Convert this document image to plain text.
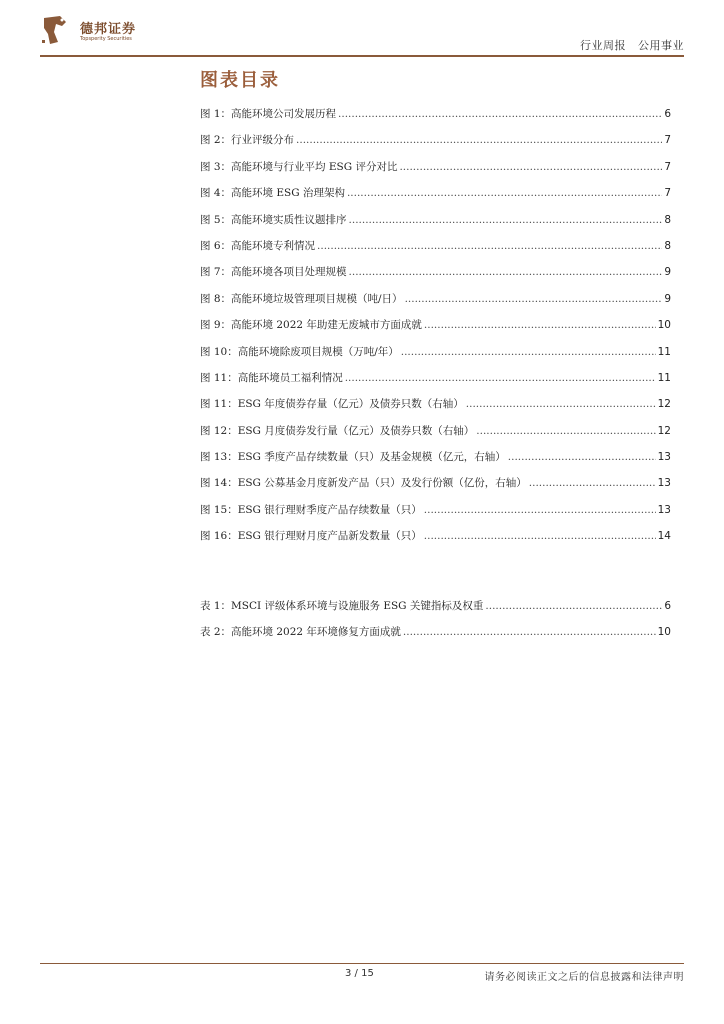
德邦证券
Topsperity Securities	行业周报 公用事业
图表目录
图 1：高能环境公司发展历程 .....	6
图 2：行业评级分布 .....	7
图 3：高能环境与行业平均 ESG 评分对比 .....	7
图 4：高能环境 ESG 治理架构 .....	7
图 5：高能环境实质性议题排序 .....	8
图 6：高能环境专利情况 .....	8
图 7：高能环境各项目处理规模 .....	9
图 8：高能环境垃圾管理项目规模（吨/日） .....	9
图 9：高能环境 2022 年助建无废城市方面成就 .....	10
图 10：高能环境除废项目规模（万吨/年） .....	11
图 11：高能环境员工福利情况 .....	11
图 11：ESG 年度债券存量（亿元）及债券只数（右轴） .....	12
图 12：ESG 月度债券发行量（亿元）及债券只数（右轴） .....	12
图 13：ESG 季度产品存续数量（只）及基金规模（亿元，右轴） .....	13
图 14：ESG 公募基金月度新发产品（只）及发行份额（亿份，右轴） .....	13
图 15：ESG 银行理财季度产品存续数量（只） .....	13
图 16：ESG 银行理财月度产品新发数量（只） .....	14
表 1：MSCI 评级体系环境与设施服务 ESG 关键指标及权重 .....	6
表 2：高能环境 2022 年环境修复方面成就 .....	10
3 / 15	请务必阅读正文之后的信息披露和法律声明
